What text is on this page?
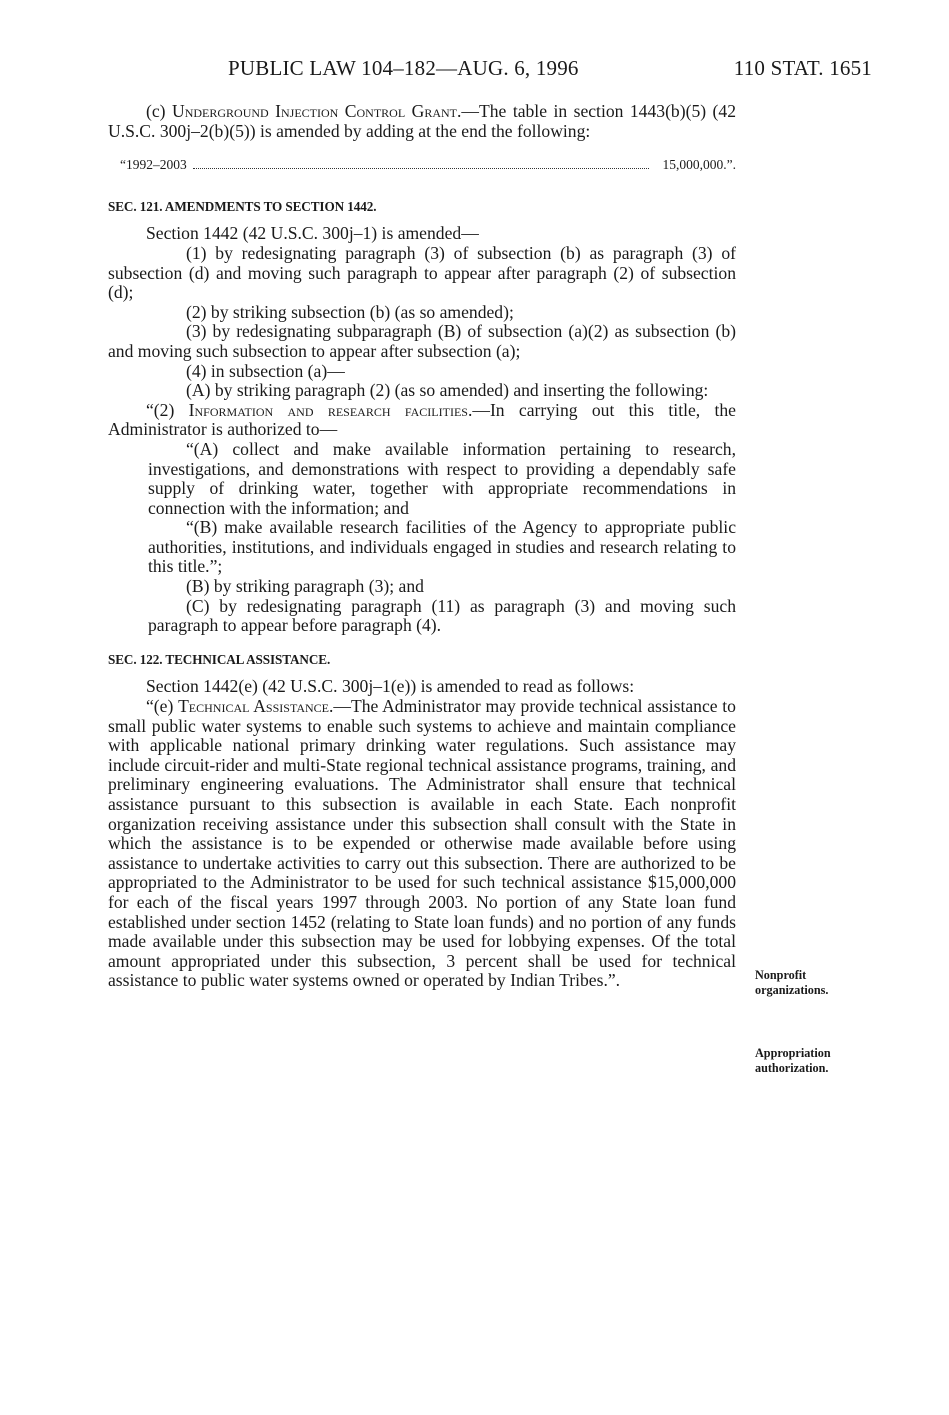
PUBLIC LAW 104–182—AUG. 6, 1996	110 STAT. 1651

(c) Underground Injection Control Grant.—The table in section 1443(b)(5) (42 U.S.C. 300j–2(b)(5)) is amended by adding at the end the following:

“1992–2003	15,000,000.”.

SEC. 121. AMENDMENTS TO SECTION 1442.

Section 1442 (42 U.S.C. 300j–1) is amended—

(1) by redesignating paragraph (3) of subsection (b) as paragraph (3) of subsection (d) and moving such paragraph to appear after paragraph (2) of subsection (d);

(2) by striking subsection (b) (as so amended);

(3) by redesignating subparagraph (B) of subsection (a)(2) as subsection (b) and moving such subsection to appear after subsection (a);

(4) in subsection (a)—

(A) by striking paragraph (2) (as so amended) and inserting the following:

“(2) Information and research facilities.—In carrying out this title, the Administrator is authorized to—

“(A) collect and make available information pertaining to research, investigations, and demonstrations with respect to providing a dependably safe supply of drinking water, together with appropriate recommendations in connection with the information; and

“(B) make available research facilities of the Agency to appropriate public authorities, institutions, and individuals engaged in studies and research relating to this title.”;

(B) by striking paragraph (3); and

(C) by redesignating paragraph (11) as paragraph (3) and moving such paragraph to appear before paragraph (4).

SEC. 122. TECHNICAL ASSISTANCE.

Section 1442(e) (42 U.S.C. 300j–1(e)) is amended to read as follows:

“(e) Technical Assistance.—The Administrator may provide technical assistance to small public water systems to enable such systems to achieve and maintain compliance with applicable national primary drinking water regulations. Such assistance may include circuit-rider and multi-State regional technical assistance programs, training, and preliminary engineering evaluations. The Administrator shall ensure that technical assistance pursuant to this subsection is available in each State. Each nonprofit organization receiving assistance under this subsection shall consult with the State in which the assistance is to be expended or otherwise made available before using assistance to undertake activities to carry out this subsection. There are authorized to be appropriated to the Administrator to be used for such technical assistance $15,000,000 for each of the fiscal years 1997 through 2003. No portion of any State loan fund established under section 1452 (relating to State loan funds) and no portion of any funds made available under this subsection may be used for lobbying expenses. Of the total amount appropriated under this subsection, 3 percent shall be used for technical assistance to public water systems owned or operated by Indian Tribes.”.	Nonprofit
organizations.
Appropriation
authorization.
